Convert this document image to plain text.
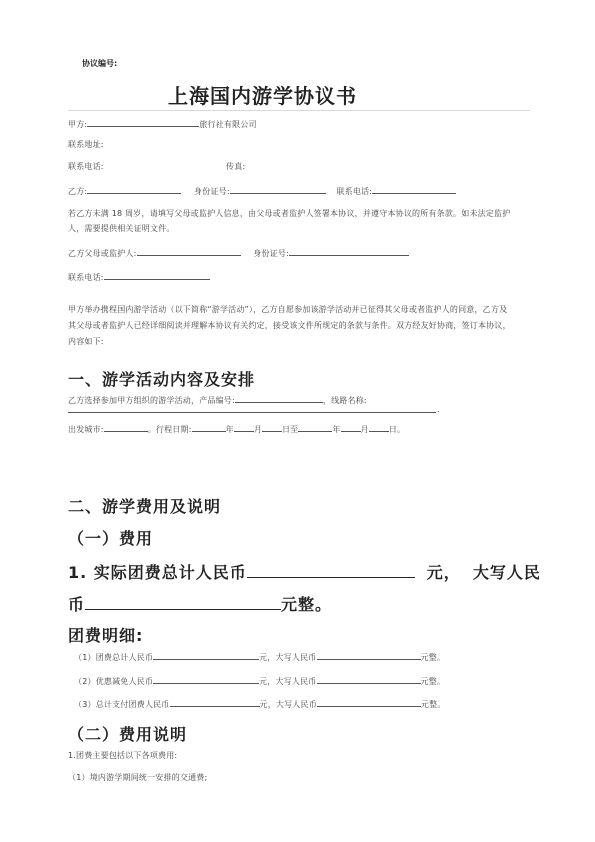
协议编号:
上海国内游学协议书
甲方:	旅行社有限公司
联系地址:
联系电话:	传真:
乙方:	身份证号:	联系电话:
若乙方未满 18 周岁，请填写父母或监护人信息，由父母或者监护人签署本协议，并遵守本协议的所有条款。如未法定监护
人，需要提供相关证明文件。
乙方父母或监护人:	身份证号:
联系电话:
甲方举办携程国内游学活动（以下简称“游学活动”），乙方自愿参加该游学活动并已征得其父母或者监护人的同意，乙方及
其父母或者监护人已经详细阅读并理解本协议有关约定，接受该文件所规定的条款与条件。双方经友好协商，签订本协议，
内容如下:
一、游学活动内容及安排
乙方选择参加甲方组织的游学活动，产品编号:	，线路名称:
.
出发城市:	。行程日期:	年	月	日至	年	月	日。
二、游学费用及说明
（一）费用
1. 实际团费总计人民币	元， 大写人民
币	元整。
团费明细:
（1）团费总计人民币	元，大写人民币	元整。
（2）优惠减免人民币	元，大写人民币	元整。
（3）总计支付团费人民币	元，大写人民币	元整。
（二）费用说明
1.团费主要包括以下各项费用:
（1）境内游学期间统一安排的交通费;
